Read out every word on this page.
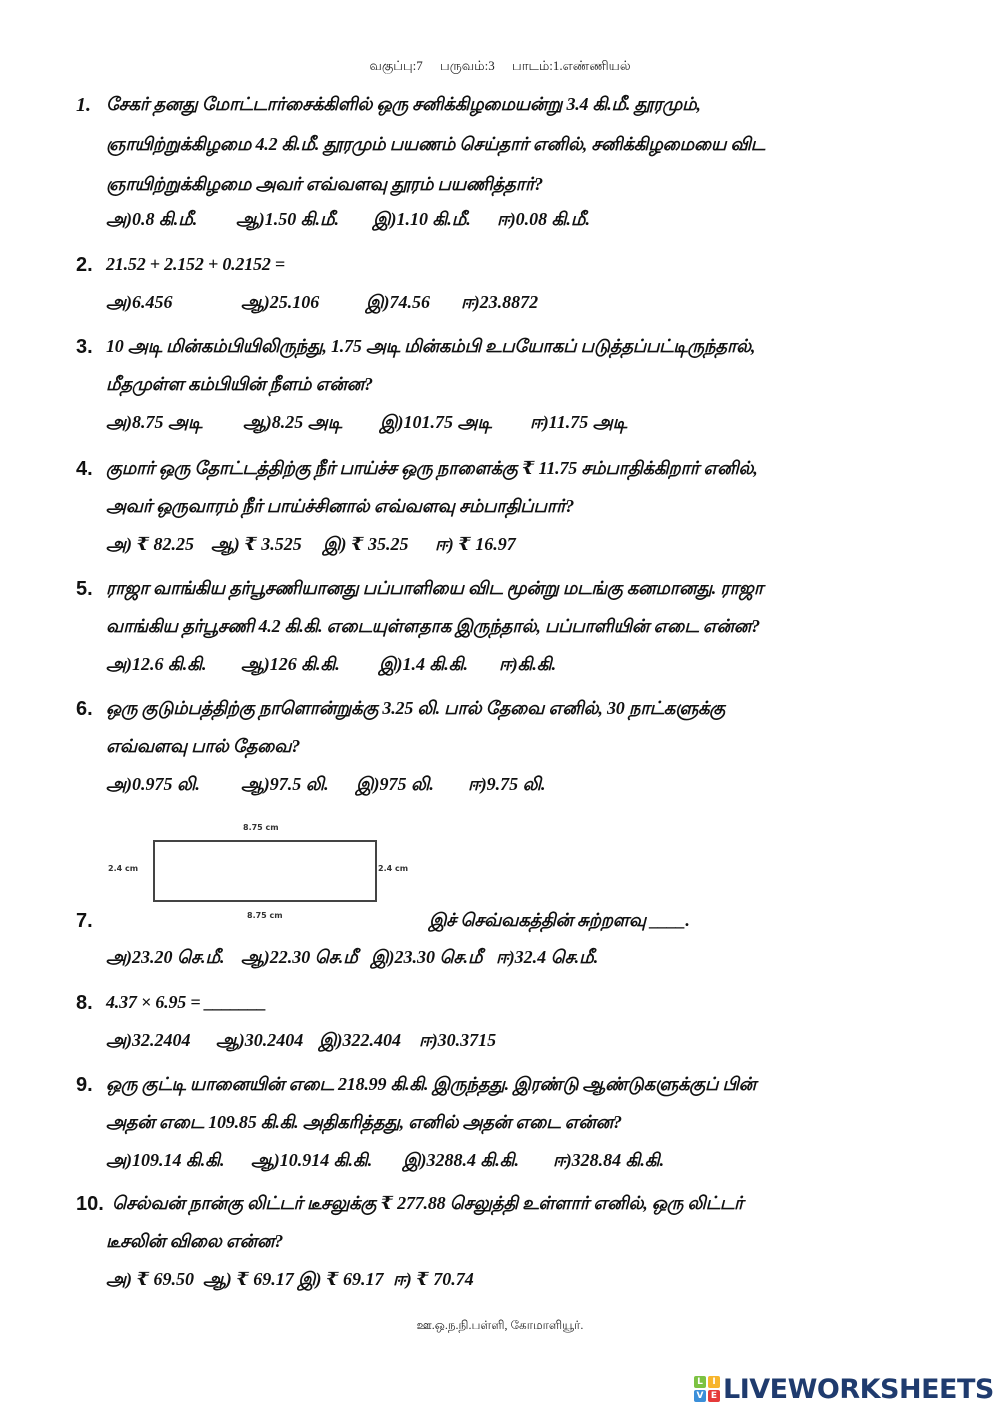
வகுப்பு:7 பருவம்:3 பாடம்:1.எண்ணியல்
1. சேகர் தனது மோட்டார்சைக்கிளில் ஒரு சனிக்கிழமையன்று 3.4 கி.மீ. தூரமும்,
ஞாயிற்றுக்கிழமை 4.2 கி.மீ. தூரமும் பயணம் செய்தார் எனில், சனிக்கிழமையை விட
ஞாயிற்றுக்கிழமை அவர் எவ்வளவு தூரம் பயணித்தார்?
அ)0.8 கி.மீ. ஆ)1.50 கி.மீ. இ)1.10 கி.மீ. ஈ)0.08 கி.மீ.
2. 21.52 + 2.152 + 0.2152 =
அ)6.456	ஆ)25.106	இ)74.56 ஈ)23.8872
3. 10 அடி மின்கம்பியிலிருந்து, 1.75 அடி மின்கம்பி உபயோகப் படுத்தப்பட்டிருந்தால்,
மீதமுள்ள கம்பியின் நீளம் என்ன?
அ)8.75 அடி ஆ)8.25 அடி இ)101.75 அடி ஈ)11.75 அடி
4. குமார் ஒரு தோட்டத்திற்கு நீர் பாய்ச்ச ஒரு நாளைக்கு ₹ 11.75 சம்பாதிக்கிறார் எனில்,
அவர் ஒருவாரம் நீர் பாய்ச்சினால் எவ்வளவு சம்பாதிப்பார்?
அ) ₹ 82.25 ஆ) ₹ 3.525 இ) ₹ 35.25 ஈ) ₹ 16.97
5. ராஜா வாங்கிய தர்பூசணியானது பப்பாளியை விட மூன்று மடங்கு கனமானது. ராஜா
வாங்கிய தர்பூசணி 4.2 கி.கி. எடையுள்ளதாக இருந்தால், பப்பாளியின் எடை என்ன?
அ)12.6 கி.கி. ஆ)126 கி.கி. இ)1.4 கி.கி. ஈ)கி.கி.
6. ஒரு குடும்பத்திற்கு நாளொன்றுக்கு 3.25 லி. பால் தேவை எனில், 30 நாட்களுக்கு
எவ்வளவு பால் தேவை?
அ)0.975 லி. ஆ)97.5 லி. இ)975 லி. ஈ)9.75 லி.
8.75 cm
2.4 cm	2.4 cm
8.75 cm
7.	இச் செவ்வகத்தின் சுற்றளவு ____.
அ)23.20 செ.மீ. ஆ)22.30 செ.மீ இ)23.30 செ.மீ ஈ)32.4 செ.மீ.
8. 4.37 × 6.95 = _______
அ)32.2404 ஆ)30.2404 இ)322.404 ஈ)30.3715
9. ஒரு குட்டி யானையின் எடை 218.99 கி.கி. இருந்தது. இரண்டு ஆண்டுகளுக்குப் பின்
அதன் எடை 109.85 கி.கி. அதிகரித்தது, எனில் அதன் எடை என்ன?
அ)109.14 கி.கி. ஆ)10.914 கி.கி. இ)3288.4 கி.கி. ஈ)328.84 கி.கி.
10. செல்வன் நான்கு லிட்டர் டீசலுக்கு ₹ 277.88 செலுத்தி உள்ளார் எனில், ஒரு லிட்டர்
டீசலின் விலை என்ன?
அ) ₹ 69.50 ஆ) ₹ 69.17 இ) ₹ 69.17 ஈ) ₹ 70.74
ஊ.ஒ.ந.நி.பள்ளி, கோமாளியூர்.
L	I
V E LIVEWORKSHEETS
